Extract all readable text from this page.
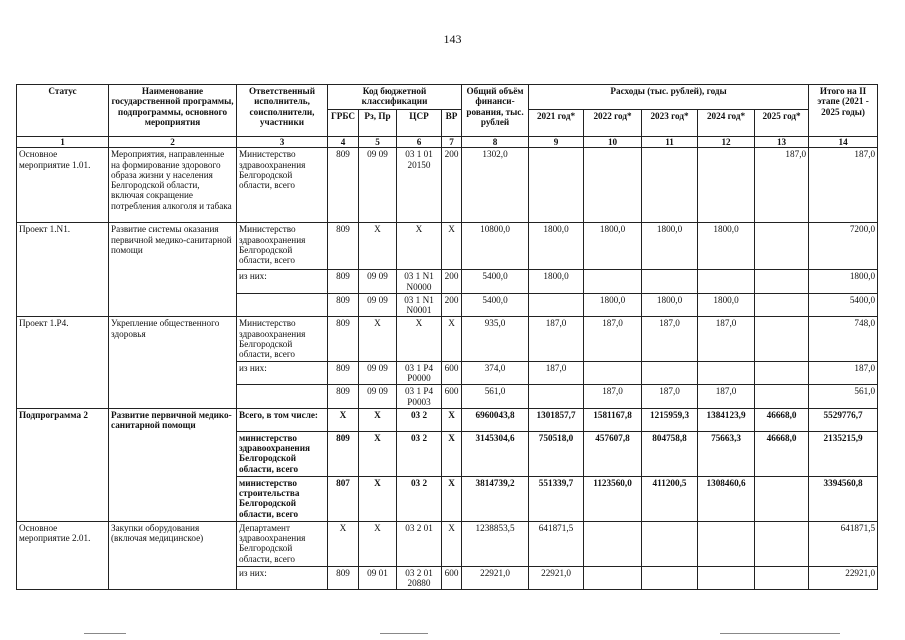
143
Статус	Наименование государственной программы, подпрограммы, основного мероприятия	Ответственный исполнитель, соисполнители, участники	Код бюджетной классификации				Общий объём финанси-рования, тыс. рублей	Расходы (тыс. рублей), годы					Итого на II этапе (2021 - 2025 годы)
			ГРБС	Рз, Пр	ЦСР	ВР		2021 год*	2022 год*	2023 год*	2024 год*	2025 год*	
1	2	3	4	5	6	7	8	9	10	11	12	13	14
Основное мероприятие 1.01.	Мероприятия, направленные на формирование здорового образа жизни у населения Белгородской области, включая сокращение потребления алкоголя и табака	Министерство здравоохранения Белгородской области, всего	809	09 09	03 1 01 20150	200	1302,0					187,0	187,0
Проект 1.N1.	Развитие системы оказания первичной медико-санитарной помощи	Министерство здравоохранения Белгородской области, всего	809	X	X	X	10800,0	1800,0	1800,0	1800,0	1800,0		7200,0
		из них:	809	09 09	03 1 N1 N0000	200	5400,0	1800,0					1800,0
			809	09 09	03 1 N1 N0001	200	5400,0		1800,0	1800,0	1800,0		5400,0
Проект 1.P4.	Укрепление общественного здоровья	Министерство здравоохранения Белгородской области, всего	809	X	X	X	935,0	187,0	187,0	187,0	187,0		748,0
		из них:	809	09 09	03 1 P4 P0000	600	374,0	187,0					187,0
			809	09 09	03 1 P4 P0003	600	561,0		187,0	187,0	187,0		561,0
Подпрограмма 2	Развитие первичной медико-санитарной помощи	Всего, в том числе:	X	X	03 2	X	6960043,8	1301857,7	1581167,8	1215959,3	1384123,9	46668,0	5529776,7
		министерство здравоохранения Белгородской области, всего	809	X	03 2	X	3145304,6	750518,0	457607,8	804758,8	75663,3	46668,0	2135215,9
		министерство строительства Белгородской области, всего	807	X	03 2	X	3814739,2	551339,7	1123560,0	411200,5	1308460,6		3394560,8
Основное мероприятие 2.01.	Закупки оборудования (включая медицинское)	Департамент здравоохранения Белгородской области, всего	X	X	03 2 01	X	1238853,5	641871,5					641871,5
		из них:	809	09 01	03 2 01 20880	600	22921,0	22921,0					22921,0
